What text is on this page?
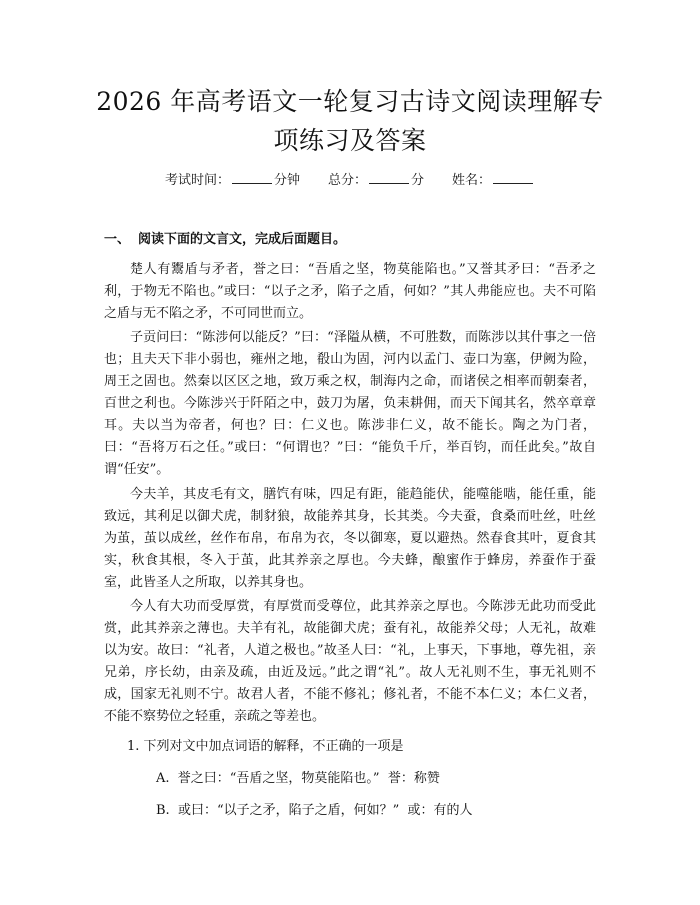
2026 年高考语文一轮复习古诗文阅读理解专
项练习及答案
考试时间：	分钟 总分：	分 姓名：
一、 阅读下面的文言文，完成后面题目。

楚人有鬻盾与矛者，誉之曰：“吾盾之坚，物莫能陷也。”又誉其矛曰：“吾矛之利，于物无不陷也。”或曰：“以子之矛，陷子之盾，何如？”其人弗能应也。夫不可陷之盾与无不陷之矛，不可同世而立。

子贡问曰：“陈涉何以能反？”曰：“泽隘从横，不可胜数，而陈涉以其什事之一倍也；且夫天下非小弱也，雍州之地，殽山为固，河内以孟门、壶口为塞，伊阙为险，周王之固也。然秦以区区之地，致万乘之权，制海内之命，而诸侯之相率而朝秦者，百世之利也。今陈涉兴于阡陌之中，鼓刀为屠，负耒耕佣，而天下闻其名，然卒章章耳。夫以当为帝者，何也？曰：仁义也。陈涉非仁义，故不能长。陶之为门者，曰：“吾将万石之任。”或曰：“何谓也？”曰：“能负千斤，举百钧，而任此矣。”故自谓“任安”。

今夫羊，其皮毛有文，膳饩有味，四足有距，能趋能伏，能噬能啮，能任重，能致远，其利足以御犬虎，制豺狼，故能养其身，长其类。今夫蚕，食桑而吐丝，吐丝为茧，茧以成丝，丝作布帛，布帛为衣，冬以御寒，夏以避热。然春食其叶，夏食其实，秋食其根，冬入于茧，此其养亲之厚也。今夫蜂，酿蜜作于蜂房，养蚕作于蚕室，此皆圣人之所取，以养其身也。

今人有大功而受厚赏，有厚赏而受尊位，此其养亲之厚也。今陈涉无此功而受此赏，此其养亲之薄也。夫羊有礼，故能御犬虎；蚕有礼，故能养父母；人无礼，故难以为安。故曰：“礼者，人道之极也。”故圣人曰：“礼，上事天，下事地，尊先祖，亲兄弟，序长幼，由亲及疏，由近及远。”此之谓“礼”。故人无礼则不生，事无礼则不成，国家无礼则不宁。故君人者，不能不修礼；修礼者，不能不本仁义；本仁义者，不能不察势位之轻重，亲疏之等差也。

1. 下列对文中加点词语的解释，不正确的一项是
A.  誉之曰：“吾盾之坚，物莫能陷也。”  誉：称赞
B.  或曰：“以子之矛，陷子之盾，何如？”  或：有的人
